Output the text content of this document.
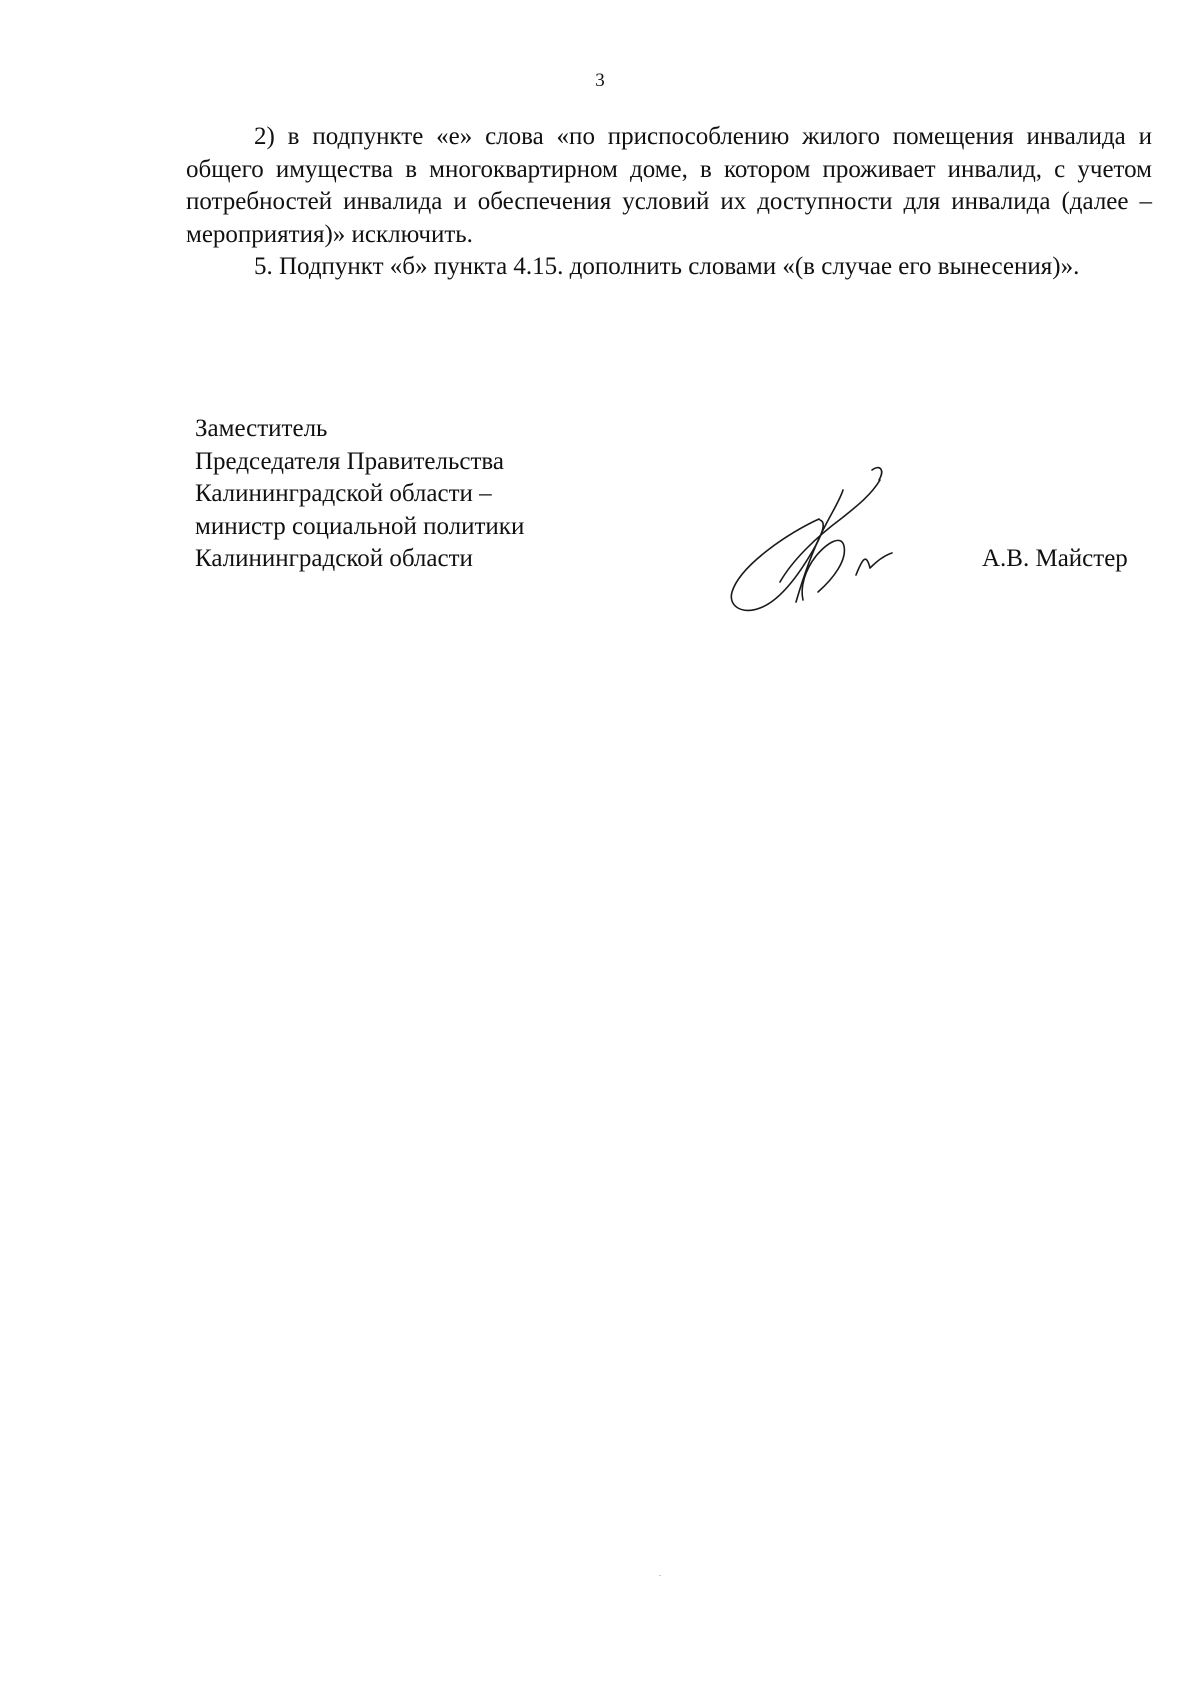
3

2) в подпункте «е» слова «по приспособлению жилого помещения инвалида и общего имущества в многоквартирном доме, в котором проживает инвалид, с учетом потребностей инвалида и обеспечения условий их доступности для инвалида (далее – мероприятия)» исключить.

5. Подпункт «б» пункта 4.15. дополнить словами «(в случае его вынесения)».

Заместитель
Председателя Правительства
Калининградской области –
министр социальной политики
Калининградской области	А.В. Майстер
